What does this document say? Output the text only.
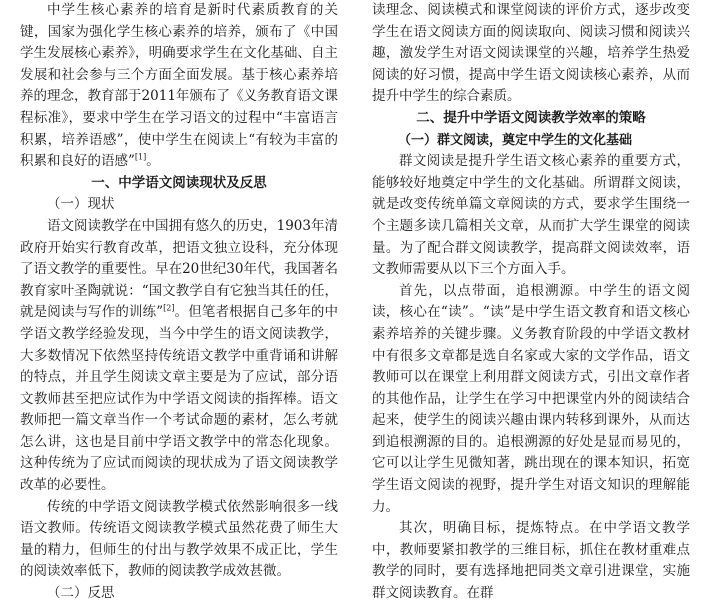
中学生核心素养的培育是新时代素质教育的关键，国家为强化学生核心素养的培养，颁布了《中国学生发展核心素养》，明确要求学生在文化基础、自主发展和社会参与三个方面全面发展。基于核心素养培养的理念，教育部于2011年颁布了《义务教育语文课程标准》，要求中学生在学习语文的过程中“丰富语言积累，培养语感”，使中学生在阅读上“有较为丰富的积累和良好的语感”[1]。

一、中学语文阅读现状及反思

（一）现状

语文阅读教学在中国拥有悠久的历史，1903年清政府开始实行教育改革，把语文独立设科，充分体现了语文教学的重要性。早在20世纪30年代，我国著名教育家叶圣陶就说：“国文教学自有它独当其任的任，就是阅读与写作的训练”[2]。但笔者根据自己多年的中学语文教学经验发现，当今中学生的语文阅读教学，大多数情况下依然坚持传统语文教学中重背诵和讲解的特点，并且学生阅读文章主要是为了应试，部分语文教师甚至把应试作为中学语文阅读的指挥棒。语文教师把一篇文章当作一个考试命题的素材，怎么考就怎么讲，这也是目前中学语文教学中的常态化现象。这种传统为了应试而阅读的现状成为了语文阅读教学改革的必要性。

传统的中学语文阅读教学模式依然影响很多一线语文教师。传统语文阅读教学模式虽然花费了师生大量的精力，但师生的付出与教学效果不成正比，学生的阅读效率低下，教师的阅读教学成效甚微。

（二）反思

读理念、阅读模式和课堂阅读的评价方式，逐步改变学生在语文阅读方面的阅读取向、阅读习惯和阅读兴趣，激发学生对语文阅读课堂的兴趣，培养学生热爱阅读的好习惯，提高中学生语文阅读核心素养，从而提升中学生的综合素质。

二、提升中学语文阅读教学效率的策略

（一）群文阅读，奠定中学生的文化基础

群文阅读是提升学生语文核心素养的重要方式，能够较好地奠定中学生的文化基础。所谓群文阅读，就是改变传统单篇文章阅读的方式，要求学生围绕一个主题多读几篇相关文章，从而扩大学生课堂的阅读量。为了配合群文阅读教学，提高群文阅读效率，语文教师需要从以下三个方面入手。

首先，以点带面，追根溯源。中学生的语文阅读，核心在“读”。“读”是中学生语文教育和语文核心素养培养的关键步骤。义务教育阶段的中学语文教材中有很多文章都是选自名家或大家的文学作品，语文教师可以在课堂上利用群文阅读方式，引出文章作者的其他作品，让学生在学习中把课堂内外的阅读结合起来，使学生的阅读兴趣由课内转移到课外，从而达到追根溯源的目的。追根溯源的好处是显而易见的，它可以让学生见微知著，跳出现在的课本知识，拓宽学生语文阅读的视野，提升学生对语文知识的理解能力。

其次，明确目标，提炼特点。在中学语文教学中，教师要紧扣教学的三维目标，抓住在教材重难点教学的同时，要有选择地把同类文章引进课堂，实施群文阅读教育。在群
